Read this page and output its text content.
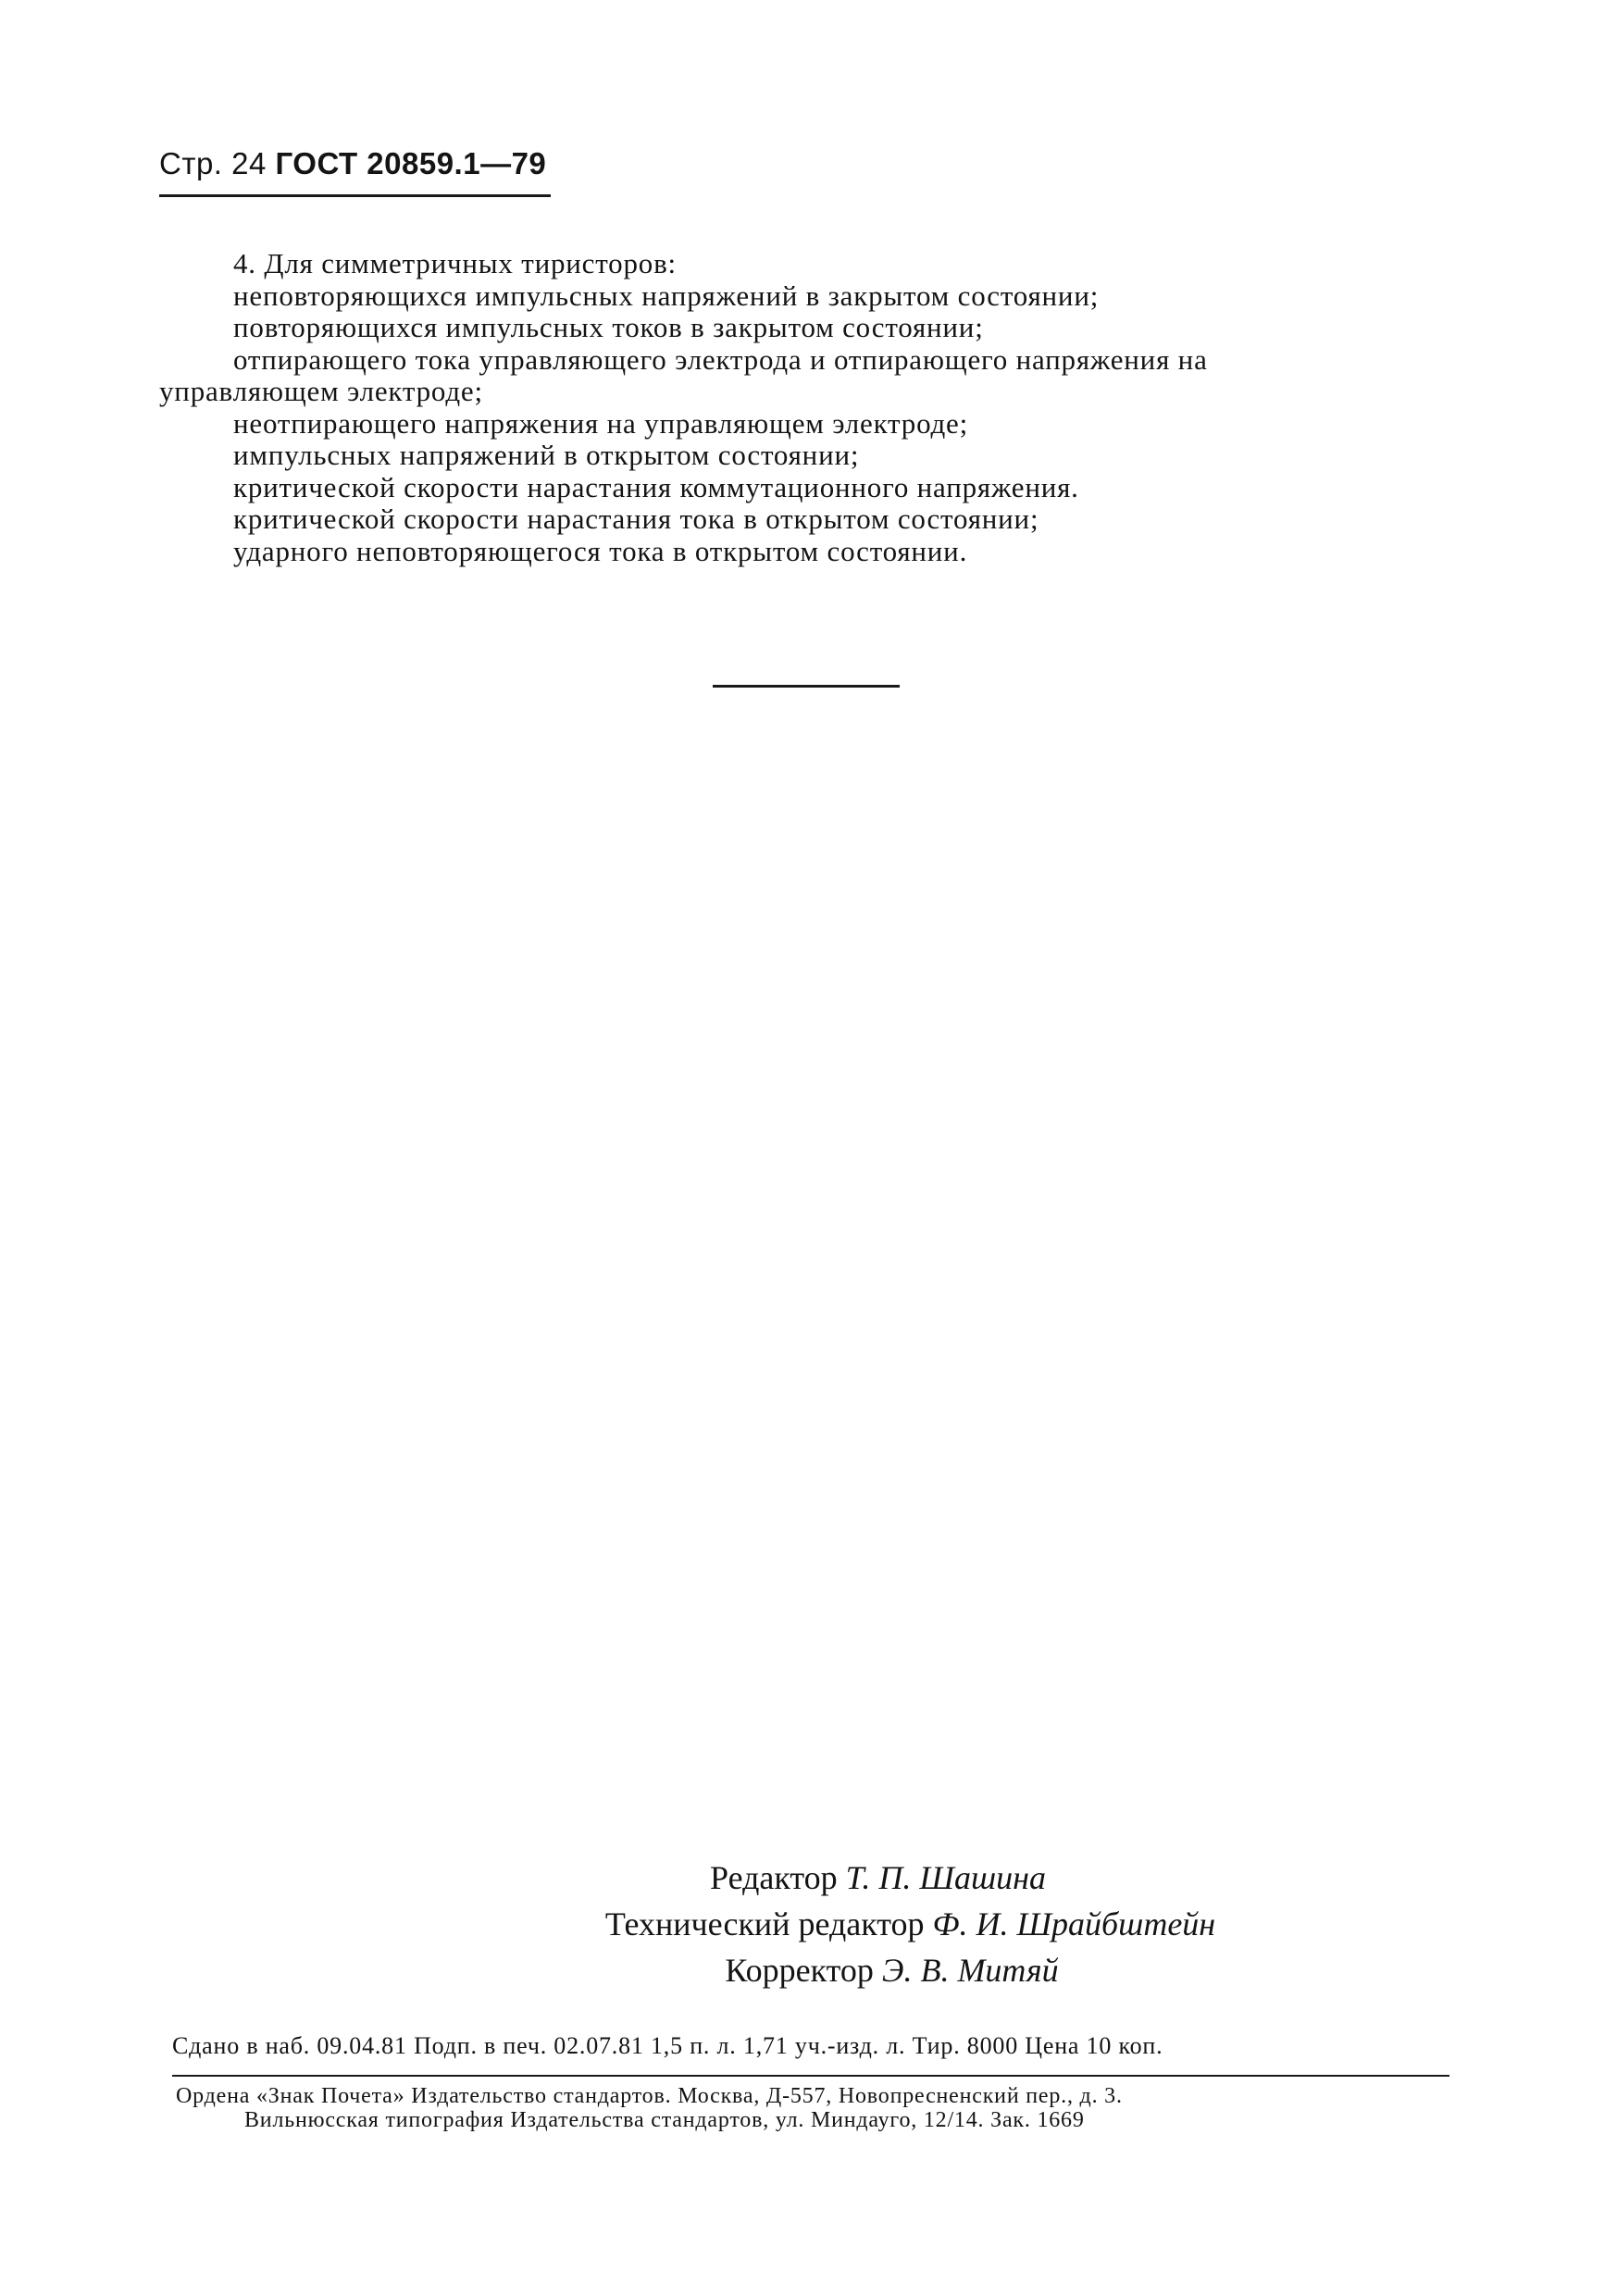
Стр. 24 ГОСТ 20859.1—79
4. Для симметричных тиристоров:
неповторяющихся импульсных напряжений в закрытом состоянии;
повторяющихся импульсных токов в закрытом состоянии;
отпирающего тока управляющего электрода и отпирающего напряжения на
управляющем электроде;
неотпирающего напряжения на управляющем электроде;
импульсных напряжений в открытом состоянии;
критической скорости нарастания коммутационного напряжения.
критической скорости нарастания тока в открытом состоянии;
ударного неповторяющегося тока в открытом состоянии.
Редактор Т. П. Шашина
Технический редактор Ф. И. Шрайбштейн
Корректор Э. В. Митяй
Сдано в наб. 09.04.81 Подп. в печ. 02.07.81 1,5 п. л. 1,71 уч.-изд. л. Тир. 8000 Цена 10 коп.
Ордена «Знак Почета» Издательство стандартов. Москва, Д-557, Новопресненский пер., д. 3.
Вильнюсская типография Издательства стандартов, ул. Миндауго, 12/14. Зак. 1669
